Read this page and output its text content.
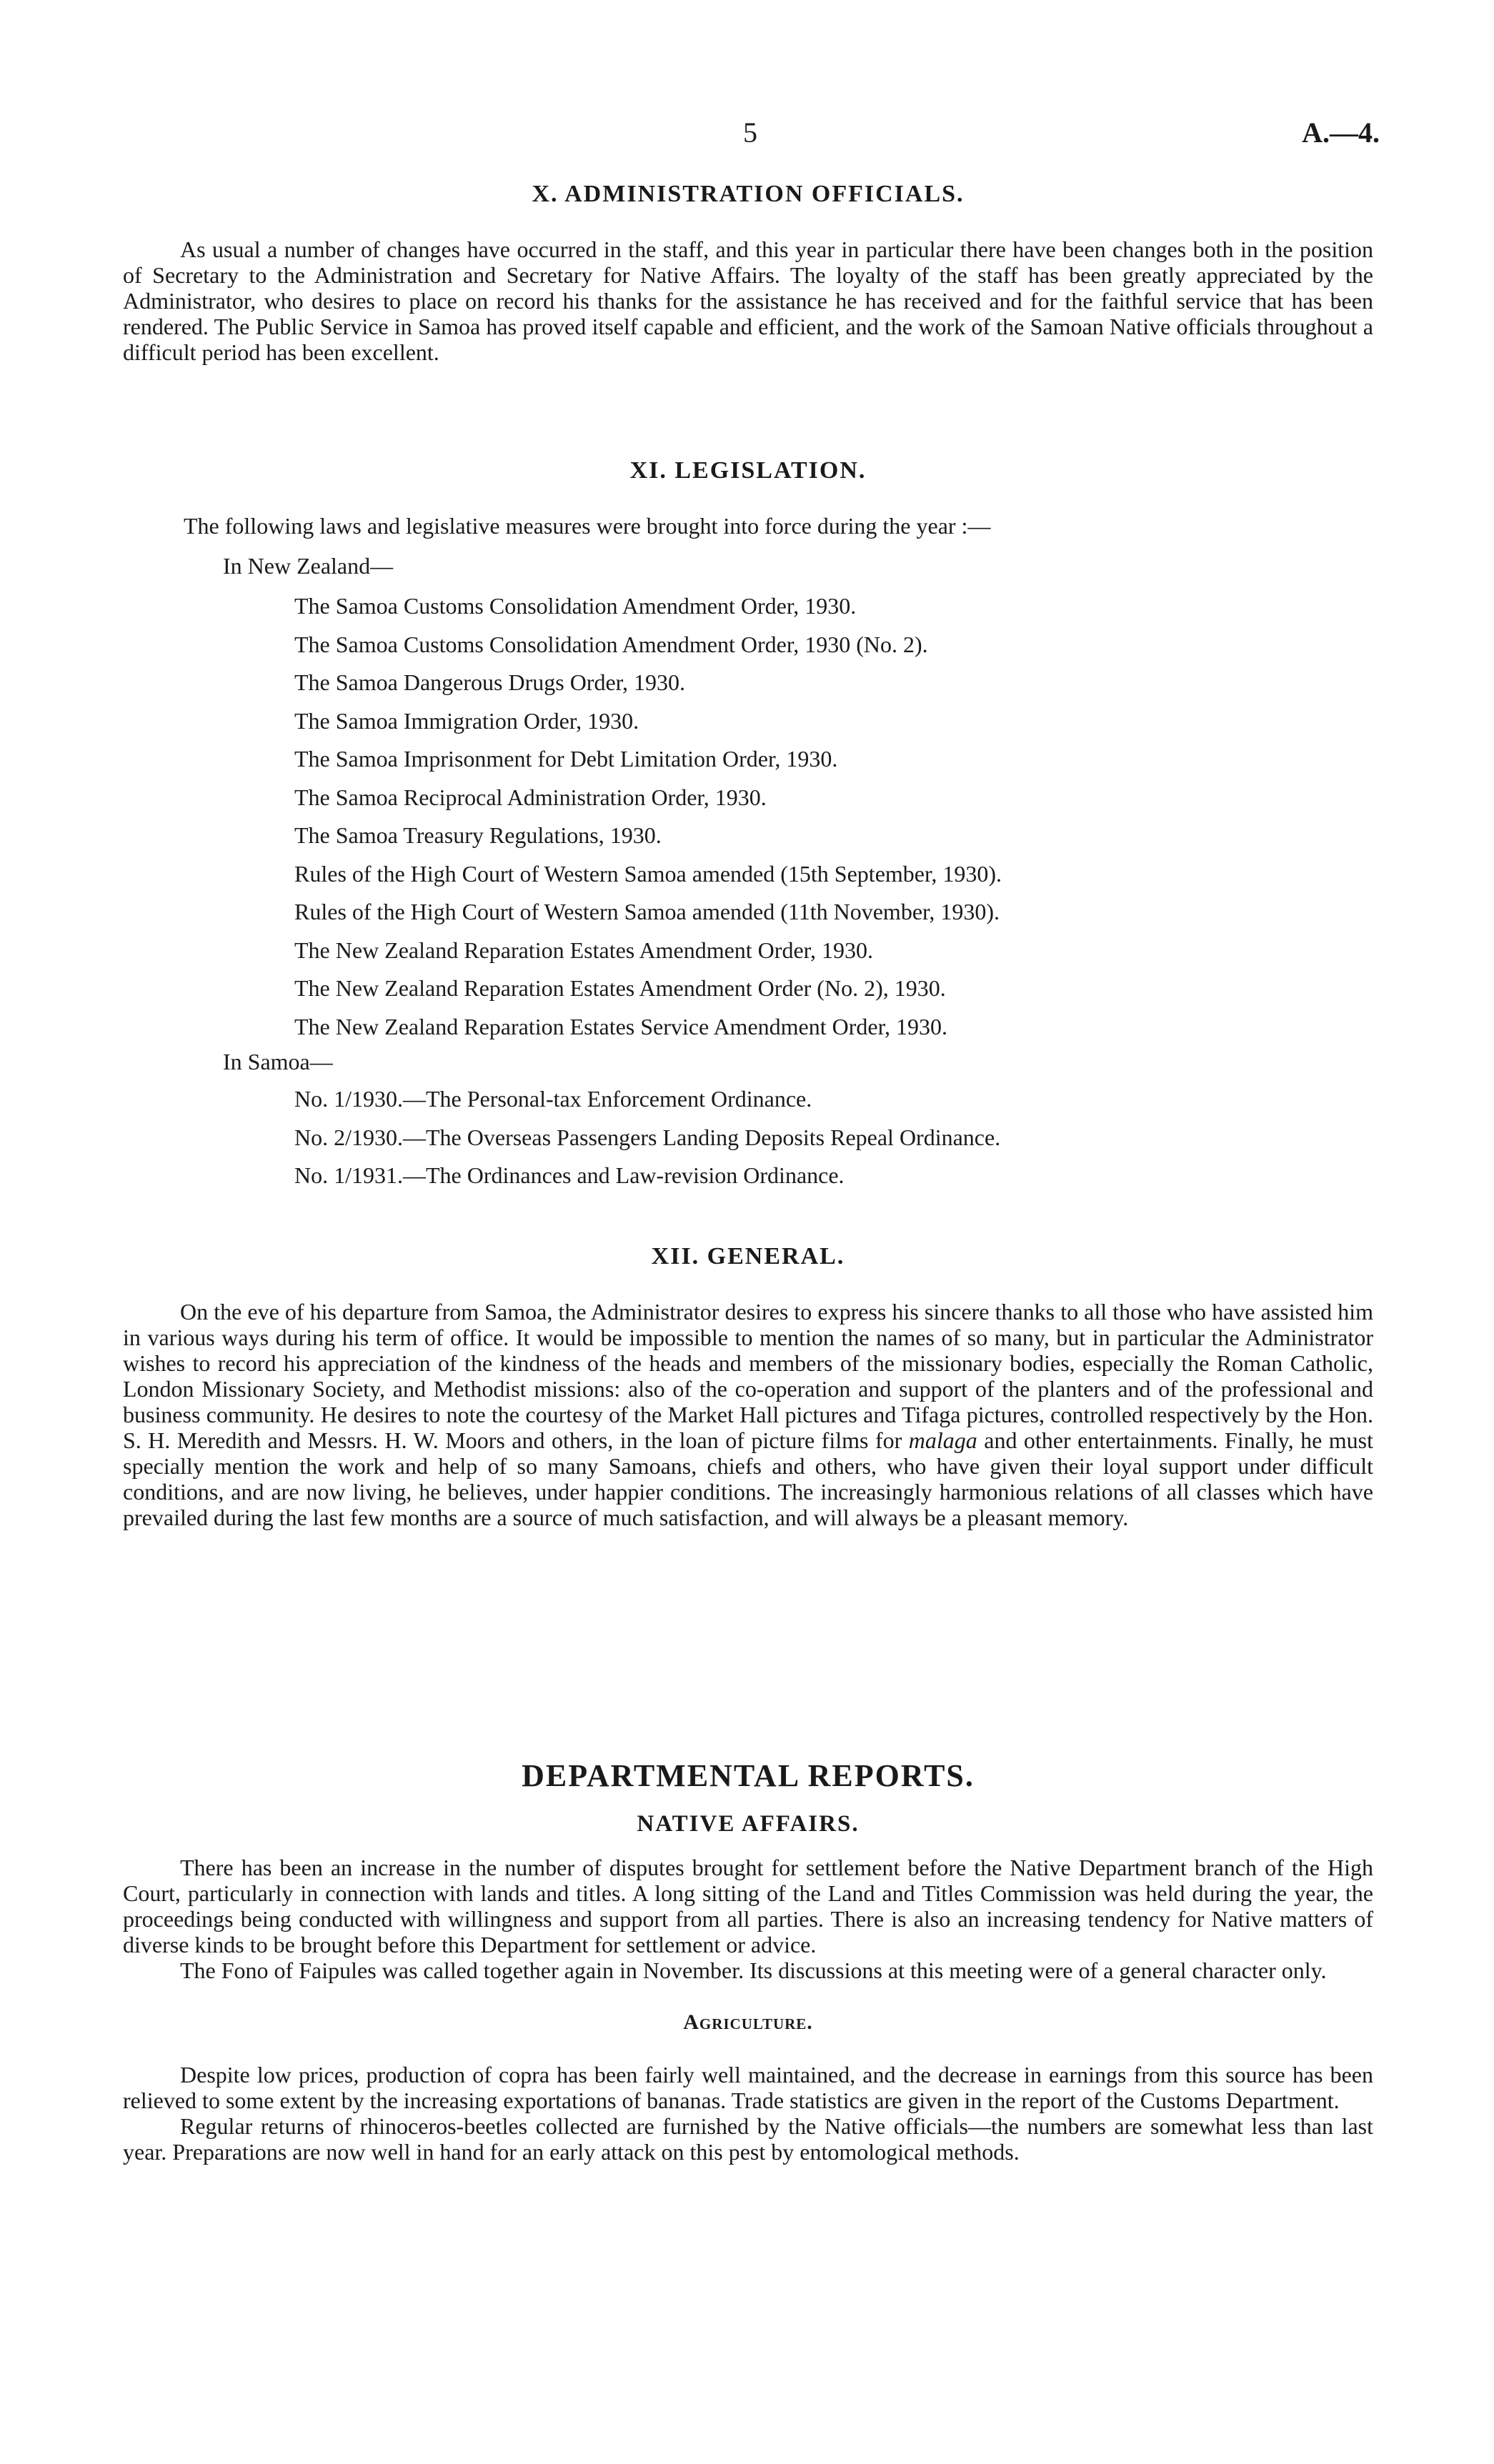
5	A.—4.
X. ADMINISTRATION OFFICIALS.

As usual a number of changes have occurred in the staff, and this year in particular there have been changes both in the position of Secretary to the Administration and Secretary for Native Affairs. The loyalty of the staff has been greatly appreciated by the Administrator, who desires to place on record his thanks for the assistance he has received and for the faithful service that has been rendered. The Public Service in Samoa has proved itself capable and efficient, and the work of the Samoan Native officials throughout a difficult period has been excellent.

XI. LEGISLATION.

The following laws and legislative measures were brought into force during the year :—

In New Zealand—

The Samoa Customs Consolidation Amendment Order, 1930.
The Samoa Customs Consolidation Amendment Order, 1930 (No. 2).
The Samoa Dangerous Drugs Order, 1930.
The Samoa Immigration Order, 1930.
The Samoa Imprisonment for Debt Limitation Order, 1930.
The Samoa Reciprocal Administration Order, 1930.
The Samoa Treasury Regulations, 1930.
Rules of the High Court of Western Samoa amended (15th September, 1930).
Rules of the High Court of Western Samoa amended (11th November, 1930).
The New Zealand Reparation Estates Amendment Order, 1930.
The New Zealand Reparation Estates Amendment Order (No. 2), 1930.
The New Zealand Reparation Estates Service Amendment Order, 1930.

In Samoa—

No. 1/1930.—The Personal-tax Enforcement Ordinance.
No. 2/1930.—The Overseas Passengers Landing Deposits Repeal Ordinance.
No. 1/1931.—The Ordinances and Law-revision Ordinance.
XII. GENERAL.

On the eve of his departure from Samoa, the Administrator desires to express his sincere thanks to all those who have assisted him in various ways during his term of office. It would be impossible to mention the names of so many, but in particular the Administrator wishes to record his appreciation of the kindness of the heads and members of the missionary bodies, especially the Roman Catholic, London Missionary Society, and Methodist missions: also of the co-operation and support of the planters and of the professional and business community. He desires to note the courtesy of the Market Hall pictures and Tifaga pictures, controlled respectively by the Hon. S. H. Meredith and Messrs. H. W. Moors and others, in the loan of picture films for malaga and other entertainments. Finally, he must specially mention the work and help of so many Samoans, chiefs and others, who have given their loyal support under difficult conditions, and are now living, he believes, under happier conditions. The increasingly harmonious relations of all classes which have prevailed during the last few months are a source of much satisfaction, and will always be a pleasant memory.

DEPARTMENTAL REPORTS.
NATIVE AFFAIRS.

There has been an increase in the number of disputes brought for settlement before the Native Department branch of the High Court, particularly in connection with lands and titles. A long sitting of the Land and Titles Commission was held during the year, the proceedings being conducted with willingness and support from all parties. There is also an increasing tendency for Native matters of diverse kinds to be brought before this Department for settlement or advice.

The Fono of Faipules was called together again in November. Its discussions at this meeting were of a general character only.

Agriculture.

Despite low prices, production of copra has been fairly well maintained, and the decrease in earnings from this source has been relieved to some extent by the increasing exportations of bananas. Trade statistics are given in the report of the Customs Department.

Regular returns of rhinoceros-beetles collected are furnished by the Native officials—the numbers are somewhat less than last year. Preparations are now well in hand for an early attack on this pest by entomological methods.
